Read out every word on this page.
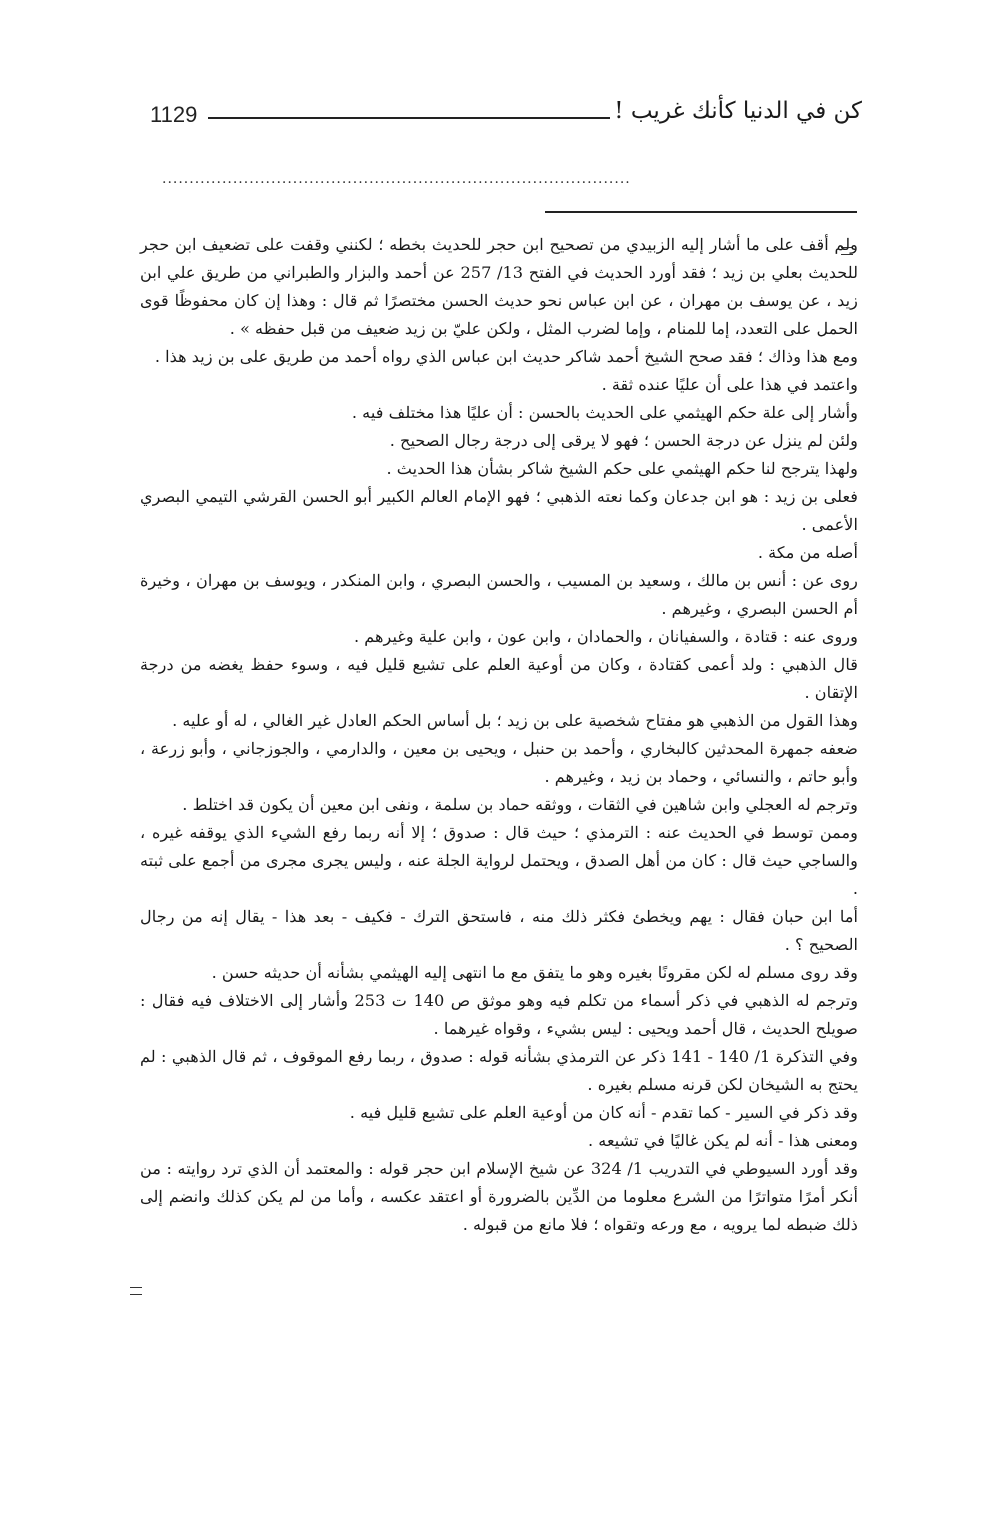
1129	كن في الدنيا كأنك غريب !
......................................................................................

ولم أقف على ما أشار إليه الزبيدي من تصحيح ابن حجر للحديث بخطه ؛ لكنني وقفت على تضعيف ابن حجر للحديث بعلي بن زيد ؛ فقد أورد الحديث في الفتح 13/ 257 عن أحمد والبزار والطبراني من طريق علي ابن زيد ، عن يوسف بن مهران ، عن ابن عباس نحو حديث الحسن مختصرًا ثم قال : وهذا إن كان محفوظًا قوى الحمل على التعدد، إما للمنام ، وإما لضرب المثل ، ولكن عليّ بن زيد ضعيف من قبل حفظه » .

ومع هذا وذاك ؛ فقد صحح الشيخ أحمد شاكر حديث ابن عباس الذي رواه أحمد من طريق على بن زيد هذا .

واعتمد في هذا على أن عليًا عنده ثقة .

وأشار إلى علة حكم الهيثمي على الحديث بالحسن : أن عليًا هذا مختلف فيه .

ولئن لم ينزل عن درجة الحسن ؛ فهو لا يرقى إلى درجة رجال الصحيح .

ولهذا يترجح لنا حكم الهيثمي على حكم الشيخ شاكر بشأن هذا الحديث .

فعلى بن زيد : هو ابن جدعان وكما نعته الذهبي ؛ فهو الإمام العالم الكبير أبو الحسن القرشي التيمي البصري الأعمى .

أصله من مكة .

روى عن : أنس بن مالك ، وسعيد بن المسيب ، والحسن البصري ، وابن المنكدر ، ويوسف بن مهران ، وخيرة أم الحسن البصري ، وغيرهم .

وروى عنه : قتادة ، والسفيانان ، والحمادان ، وابن عون ، وابن علية وغيرهم .

قال الذهبي : ولد أعمى كقتادة ، وكان من أوعية العلم على تشيع قليل فيه ، وسوء حفظ يغضه من درجة الإتقان .

وهذا القول من الذهبي هو مفتاح شخصية على بن زيد ؛ بل أساس الحكم العادل غير الغالي ، له أو عليه .

ضعفه جمهرة المحدثين كالبخاري ، وأحمد بن حنبل ، ويحيى بن معين ، والدارمي ، والجوزجاني ، وأبو زرعة ، وأبو حاتم ، والنسائي ، وحماد بن زيد ، وغيرهم .

وترجم له العجلي وابن شاهين في الثقات ، ووثقه حماد بن سلمة ، ونفى ابن معين أن يكون قد اختلط .

وممن توسط في الحديث عنه : الترمذي ؛ حيث قال : صدوق ؛ إلا أنه ربما رفع الشيء الذي يوقفه غيره ، والساجي حيث قال : كان من أهل الصدق ، ويحتمل لرواية الجلة عنه ، وليس يجرى مجرى من أجمع على ثبته .

أما ابن حبان فقال : يهم ويخطئ فكثر ذلك منه ، فاستحق الترك - فكيف - بعد هذا - يقال إنه من رجال الصحيح ؟ .

وقد روى مسلم له لكن مقرونًا بغيره وهو ما يتفق مع ما انتهى إليه الهيثمي بشأنه أن حديثه حسن .

وترجم له الذهبي في ذكر أسماء من تكلم فيه وهو موثق ص 140 ت 253 وأشار إلى الاختلاف فيه فقال : صويلح الحديث ، قال أحمد ويحيى : ليس بشيء ، وقواه غيرهما .

وفي التذكرة 1/ 140 - 141 ذكر عن الترمذي بشأنه قوله : صدوق ، ربما رفع الموقوف ، ثم قال الذهبي : لم يحتج به الشيخان لكن قرنه مسلم بغيره .

وقد ذكر في السير - كما تقدم - أنه كان من أوعية العلم على تشيع قليل فيه .

ومعنى هذا - أنه لم يكن غاليًا في تشيعه .

وقد أورد السيوطي في التدريب 1/ 324 عن شيخ الإسلام ابن حجر قوله : والمعتمد أن الذي ترد روايته : من أنكر أمرًا متواترًا من الشرع معلوما من الدِّين بالضرورة أو اعتقد عكسه ، وأما من لم يكن كذلك وانضم إلى ذلك ضبطه لما يرويه ، مع ورعه وتقواه ؛ فلا مانع من قبوله .
